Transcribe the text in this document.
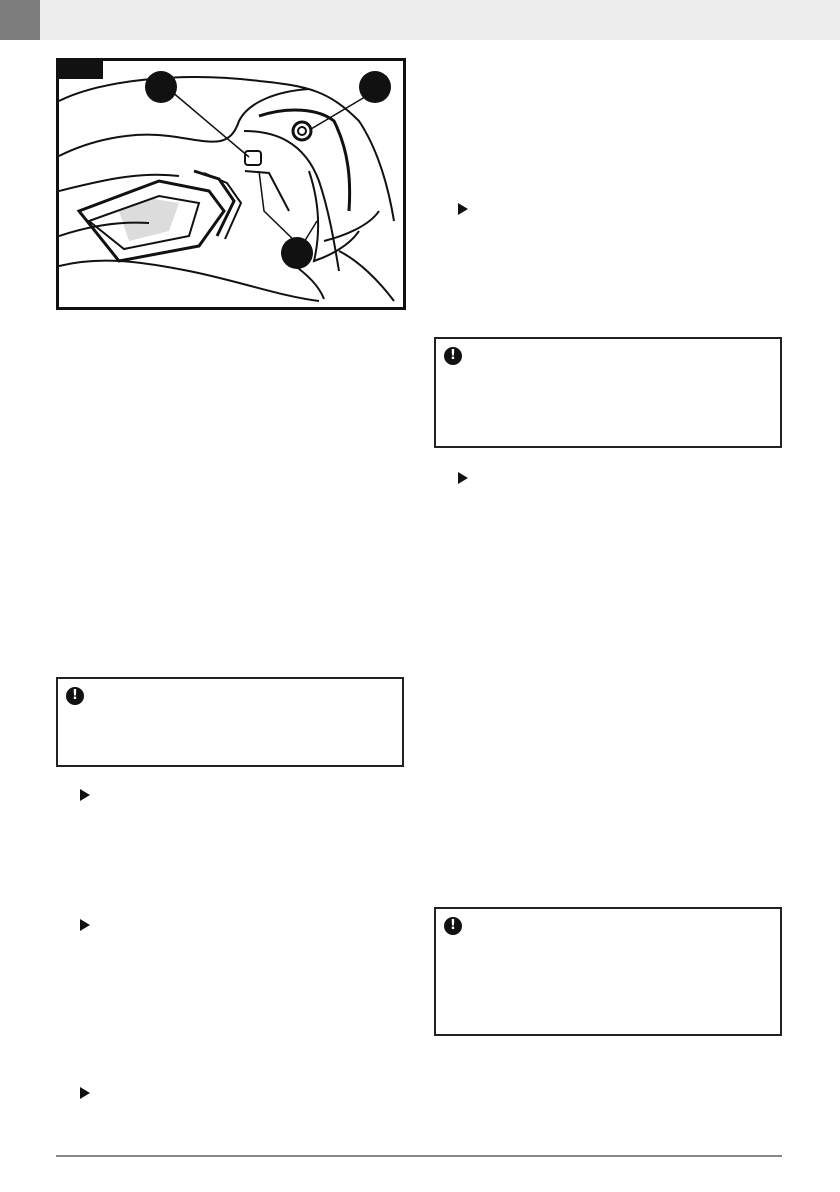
!
!
!
